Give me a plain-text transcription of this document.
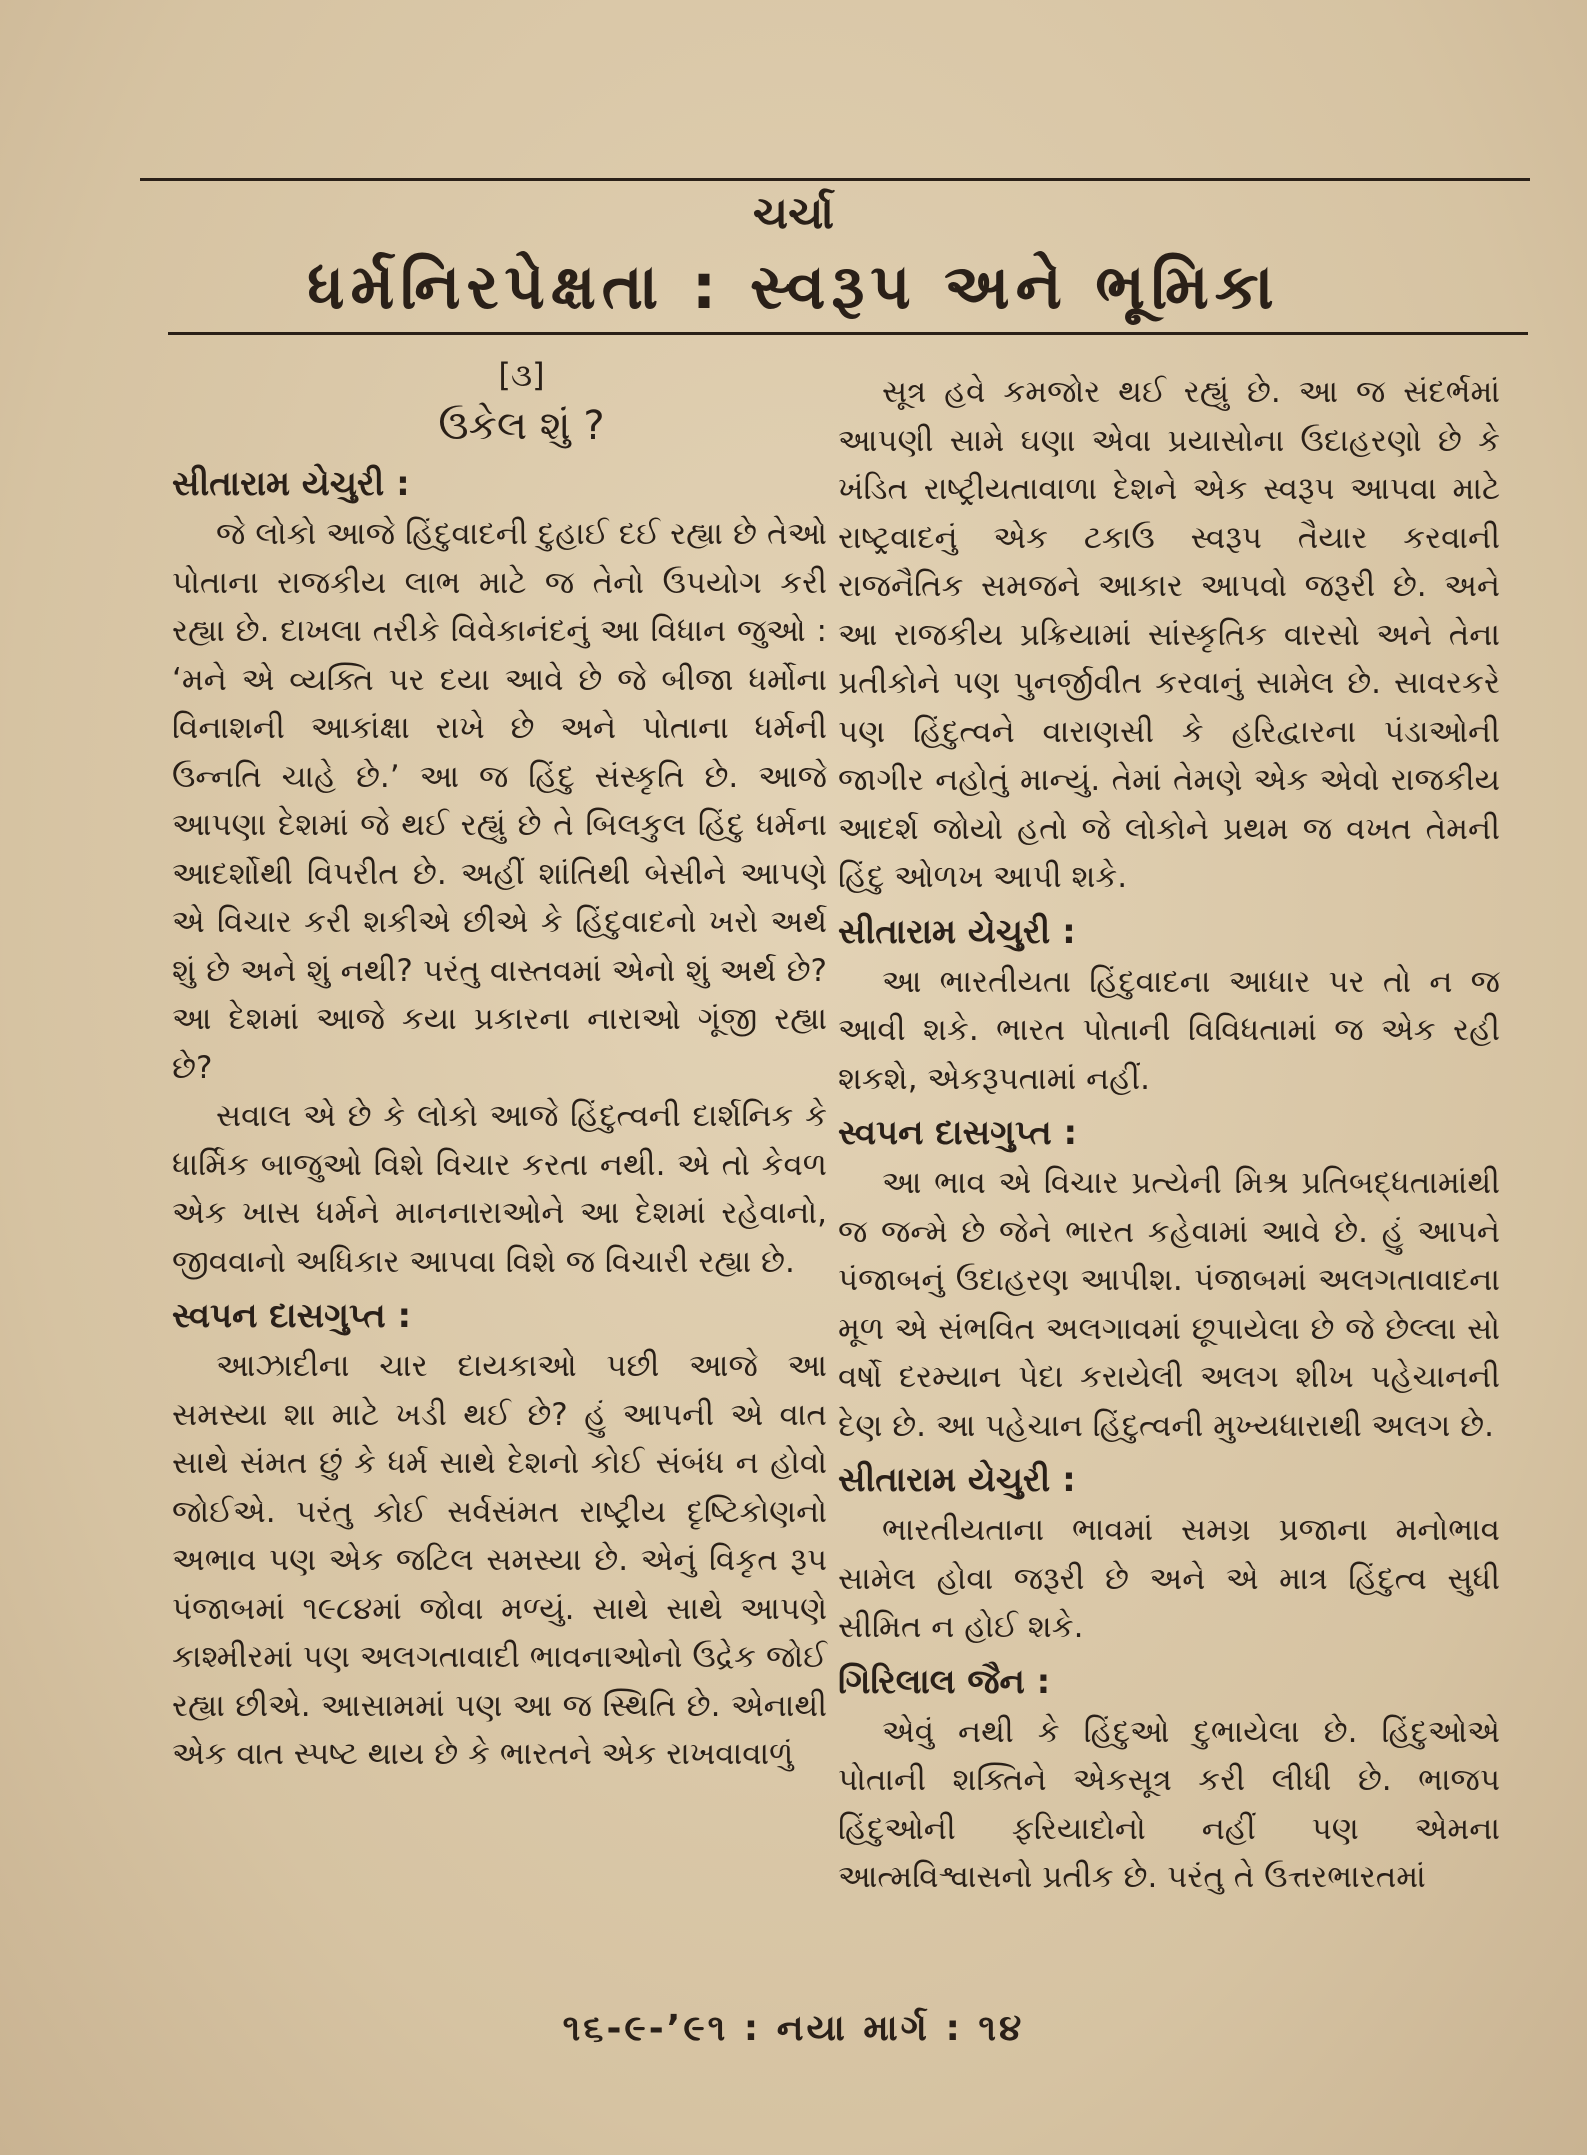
ચર્ચા
ધર્મનિરપેક્ષતા : સ્વરૂપ અને ભૂમિકા

[૩]

ઉકેલ શું ?

સીતારામ યેચુરી :

જે લોકો આજે હિંદુવાદની દુહાઈ દઈ રહ્યા છે તેઓ પોતાના રાજકીય લાભ માટે જ તેનો ઉપયોગ કરી રહ્યા છે. દાખલા તરીકે વિવેકાનંદનું આ વિધાન જુઓ : ‘મને એ વ્યક્તિ પર દયા આવે છે જે બીજા ધર્મોના વિનાશની આકાંક્ષા રાખે છે અને પોતાના ધર્મની ઉન્નતિ ચાહે છે.’ આ જ હિંદુ સંસ્કૃતિ છે. આજે આપણા દેશમાં જે થઈ રહ્યું છે તે બિલકુલ હિંદુ ધર્મના આદર્શોથી વિપરીત છે. અહીં શાંતિથી બેસીને આપણે એ વિચાર કરી શકીએ છીએ કે હિંદુવાદનો ખરો અર્થ શું છે અને શું નથી? પરંતુ વાસ્તવમાં એનો શું અર્થ છે? આ દેશમાં આજે કયા પ્રકારના નારાઓ ગૂંજી રહ્યા છે?

સવાલ એ છે કે લોકો આજે હિંદુત્વની દાર્શનિક કે ધાર્મિક બાજુઓ વિશે વિચાર કરતા નથી. એ તો કેવળ એક ખાસ ધર્મને માનનારાઓને આ દેશમાં રહેવાનો, જીવવાનો અધિકાર આપવા વિશે જ વિચારી રહ્યા છે.

સ્વપન દાસગુપ્ત :

આઝાદીના ચાર દાયકાઓ પછી આજે આ સમસ્યા શા માટે ખડી થઈ છે? હું આપની એ વાત સાથે સંમત છું કે ધર્મ સાથે દેશનો કોઈ સંબંધ ન હોવો જોઈએ. પરંતુ કોઈ સર્વસંમત રાષ્ટ્રીય દૃષ્ટિકોણનો અભાવ પણ એક જટિલ સમસ્યા છે. એનું વિકૃત રૂપ પંજાબમાં ૧૯૮૪માં જોવા મળ્યું. સાથે સાથે આપણે કાશ્મીરમાં પણ અલગતાવાદી ભાવનાઓનો ઉદ્રેક જોઈ રહ્યા છીએ. આસામમાં પણ આ જ સ્થિતિ છે. એનાથી એક વાત સ્પષ્ટ થાય છે કે ભારતને એક રાખવાવાળું

સૂત્ર હવે કમજોર થઈ રહ્યું છે. આ જ સંદર્ભમાં આપણી સામે ઘણા એવા પ્રયાસોના ઉદાહરણો છે કે ખંડિત રાષ્ટ્રીયતાવાળા દેશને એક સ્વરૂપ આપવા માટે રાષ્ટ્રવાદનું એક ટકાઉ સ્વરૂપ તૈયાર કરવાની રાજનૈતિક સમજને આકાર આપવો જરૂરી છે. અને આ રાજકીય પ્રક્રિયામાં સાંસ્કૃતિક વારસો અને તેના પ્રતીકોને પણ પુનર્જીવીત કરવાનું સામેલ છે. સાવરકરે પણ હિંદુત્વને વારાણસી કે હરિદ્વારના પંડાઓની જાગીર નહોતું માન્યું. તેમાં તેમણે એક એવો રાજકીય આદર્શ જોયો હતો જે લોકોને પ્રથમ જ વખત તેમની હિંદુ ઓળખ આપી શકે.

સીતારામ યેચુરી :

આ ભારતીયતા હિંદુવાદના આધાર પર તો ન જ આવી શકે. ભારત પોતાની વિવિધતામાં જ એક રહી શકશે, એકરૂપતામાં નહીં.

સ્વપન દાસગુપ્ત :

આ ભાવ એ વિચાર પ્રત્યેની મિશ્ર પ્રતિબદ્ધતામાંથી જ જન્મે છે જેને ભારત કહેવામાં આવે છે. હું આપને પંજાબનું ઉદાહરણ આપીશ. પંજાબમાં અલગતાવાદના મૂળ એ સંભવિત અલગાવમાં છૂપાયેલા છે જે છેલ્લા સો વર્ષો દરમ્યાન પેદા કરાયેલી અલગ શીખ પહેચાનની દેણ છે. આ પહેચાન હિંદુત્વની મુખ્યધારાથી અલગ છે.

સીતારામ યેચુરી :

ભારતીયતાના ભાવમાં સમગ્ર પ્રજાના મનોભાવ સામેલ હોવા જરૂરી છે અને એ માત્ર હિંદુત્વ સુધી સીમિત ન હોઈ શકે.

ગિરિલાલ જૈન :

એવું નથી કે હિંદુઓ દુભાયેલા છે. હિંદુઓએ પોતાની શક્તિને એકસૂત્ર કરી લીધી છે. ભાજપ હિંદુઓની ફરિયાદોનો નહીં પણ એમના આત્મવિશ્વાસનો પ્રતીક છે. પરંતુ તે ઉત્તરભારતમાં

૧૬-૯-’૯૧ : નયા માર્ગ : ૧૪
